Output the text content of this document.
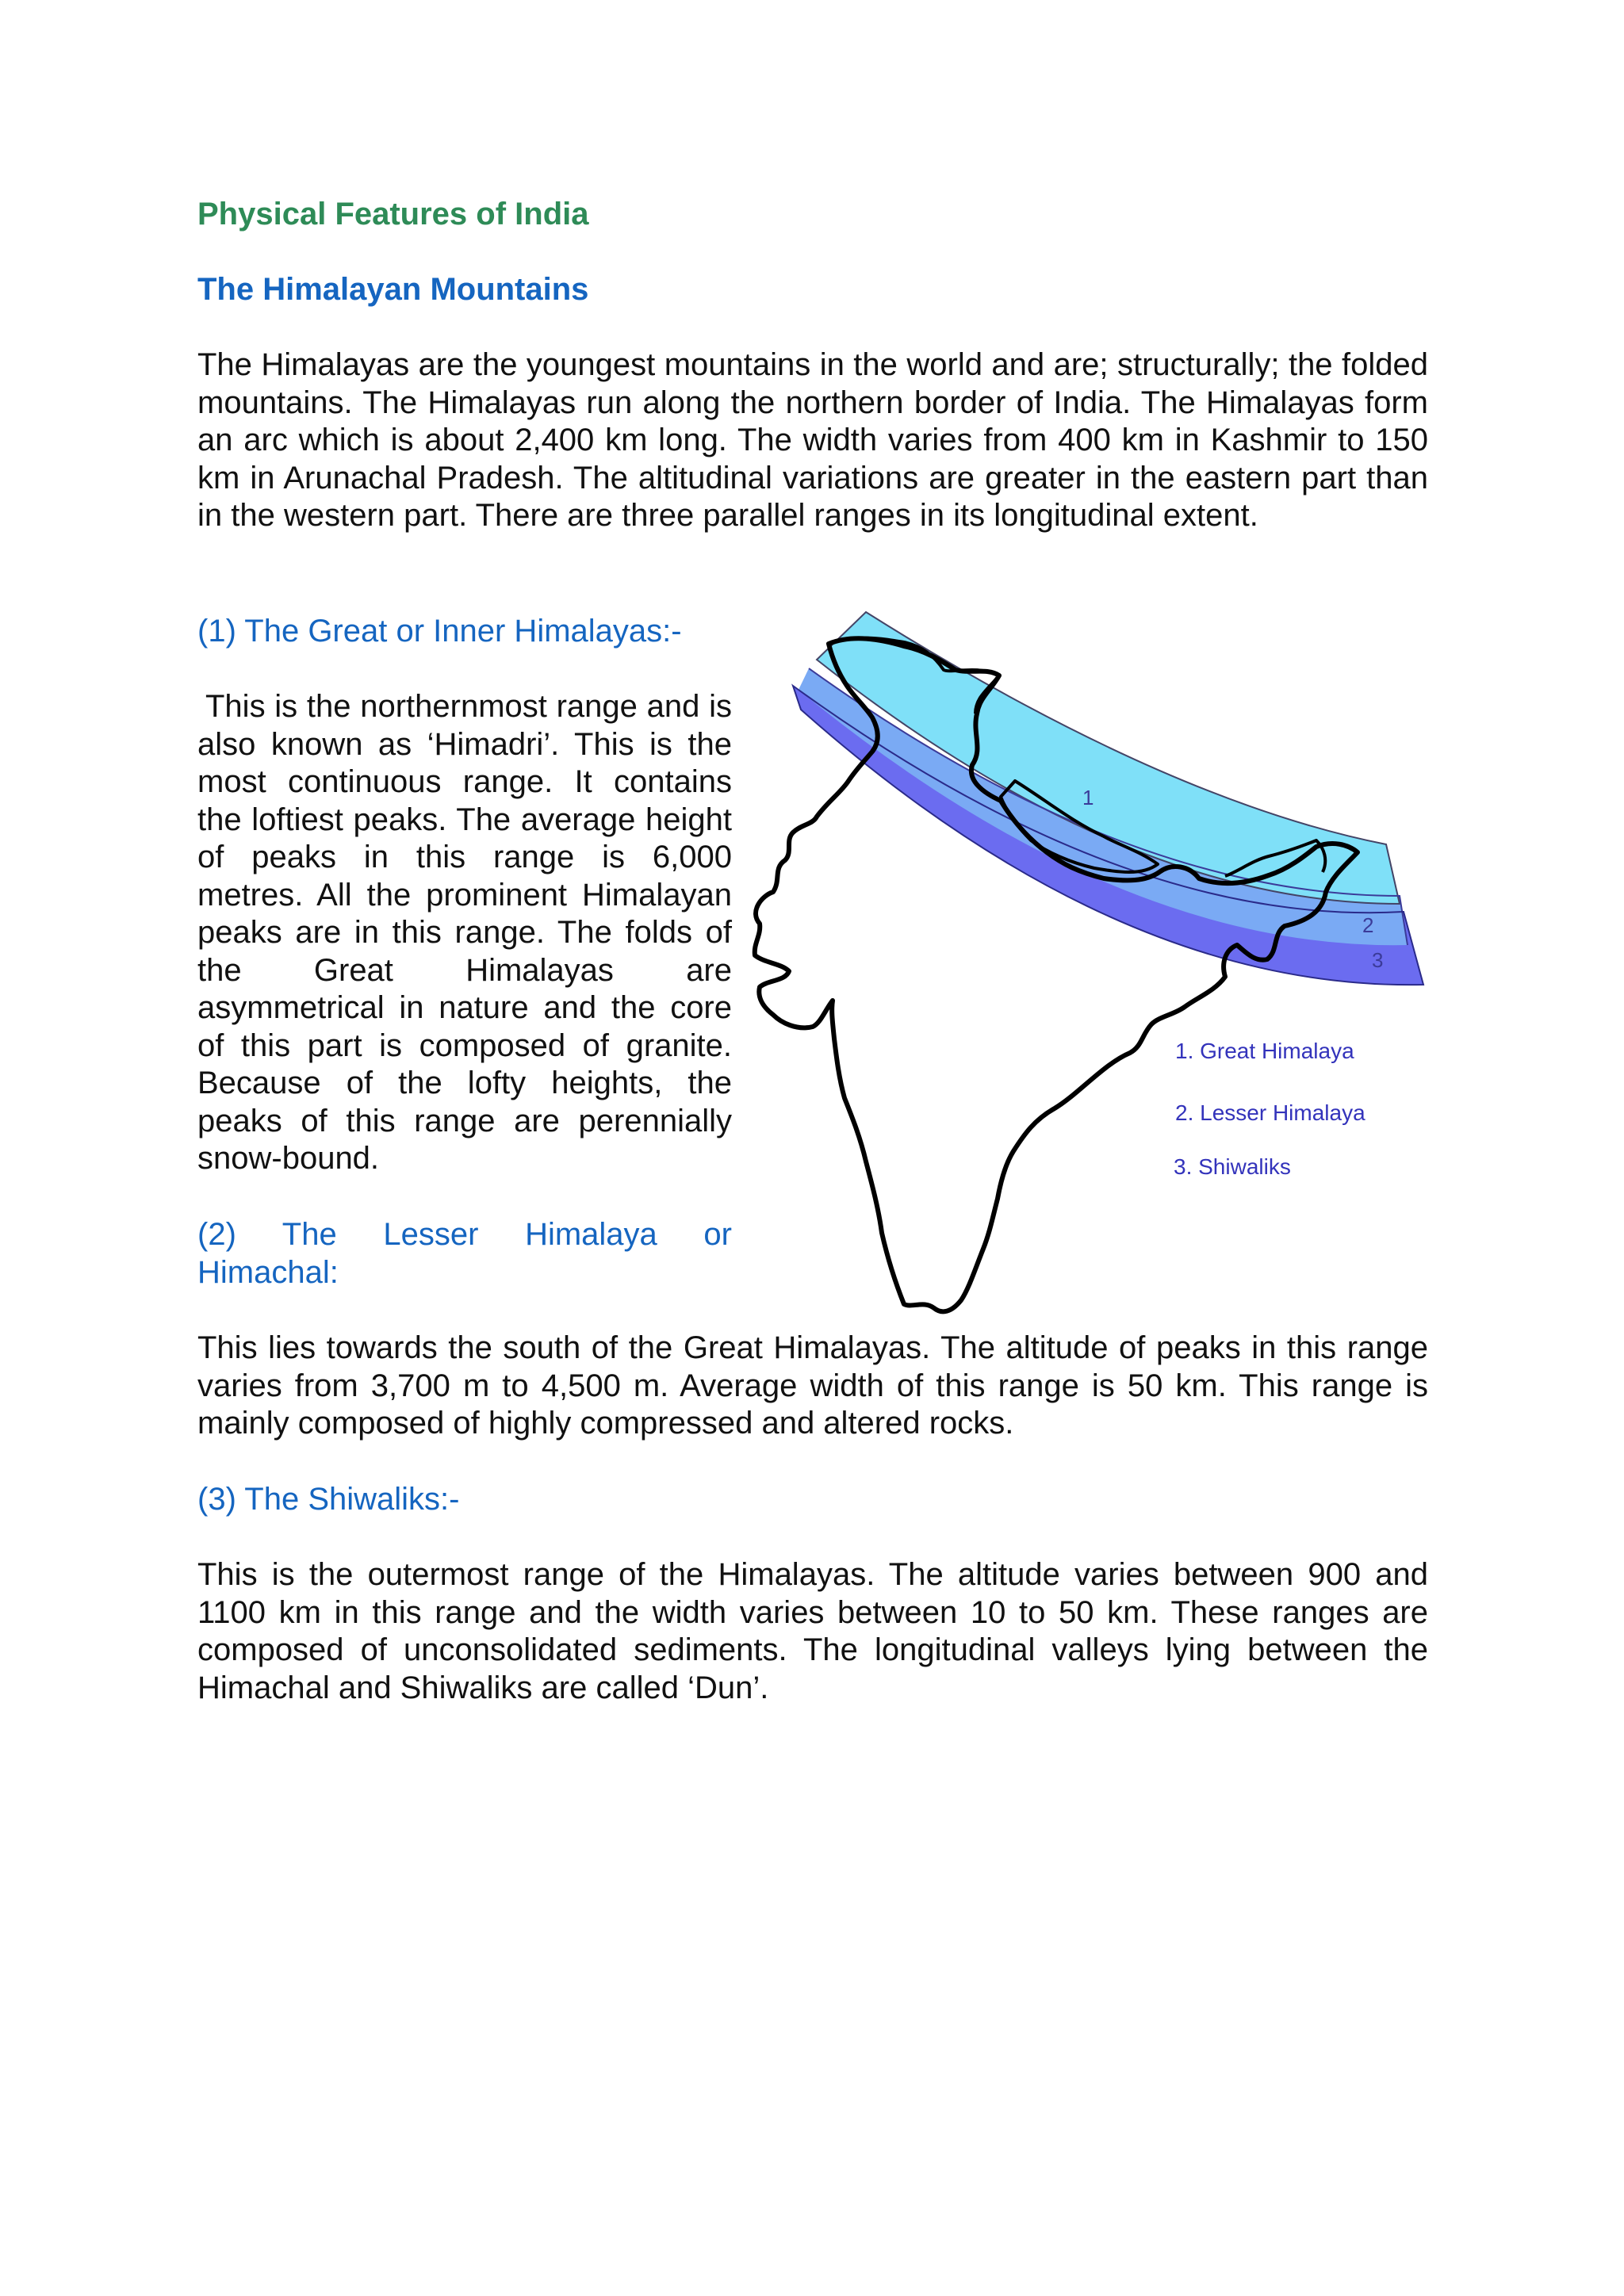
Physical Features of India
The Himalayan Mountains

The Himalayas are the youngest mountains in the world and are; structurally; the folded mountains. The Himalayas run along the northern border of India. The Himalayas form an arc which is about 2,400 km long. The width varies from 400 km in Kashmir to 150 km in Arunachal Pradesh. The altitudinal variations are greater in the eastern part than in the western part. There are three parallel ranges in its longitudinal extent.

(1) The Great or Inner Himalayas:-

This is the northernmost range and is also known as ‘Himadri’. This is the most continuous range. It contains the loftiest peaks. The average height of peaks in this range is 6,000 metres. All the prominent Himalayan peaks are in this range. The folds of the Great Himalayas are asymmetrical in nature and the core of this part is composed of granite. Because of the lofty heights, the peaks of this range are perennially snow-bound.

(2) The Lesser Himalaya or
Himachal:

This lies towards the south of the Great Himalayas. The altitude of peaks in this range varies from 3,700 m to 4,500 m. Average width of this range is 50 km. This range is mainly composed of highly compressed and altered rocks.

(3) The Shiwaliks:-

This is the outermost range of the Himalayas. The altitude varies between 900 and 1100 km in this range and the width varies between 10 to 50 km. These ranges are composed of unconsolidated sediments. The longitudinal valleys lying between the Himachal and Shiwaliks are called ‘Dun’.

1
2
3
1. Great Himalaya
2. Lesser Himalaya
3. Shiwaliks
